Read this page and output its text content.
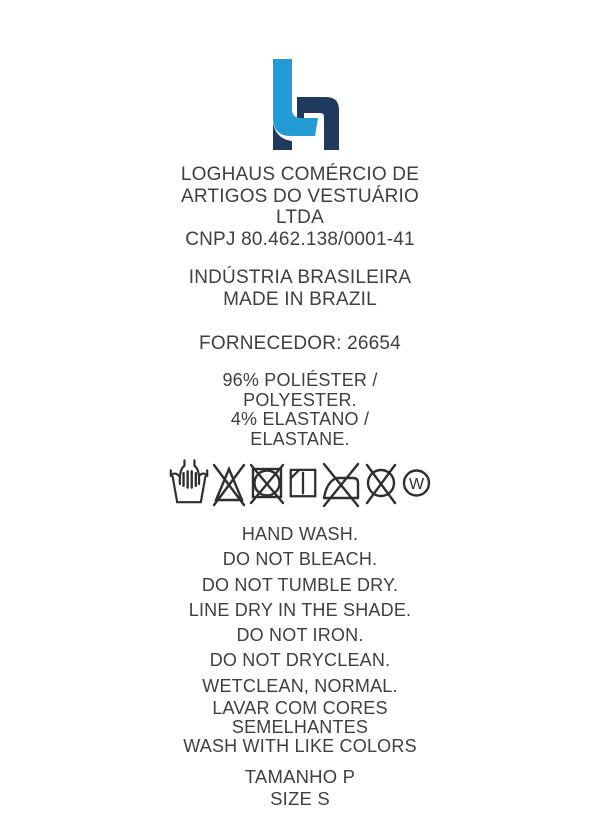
LOGHAUS COMÉRCIO DE
ARTIGOS DO VESTUÁRIO
LTDA
CNPJ 80.462.138/0001-41
INDÚSTRIA BRASILEIRA
MADE IN BRAZIL
FORNECEDOR: 26654
96% POLIÉSTER /
POLYESTER.
4% ELASTANO /
ELASTANE.
W
HAND WASH.
DO NOT BLEACH.
DO NOT TUMBLE DRY.
LINE DRY IN THE SHADE.
DO NOT IRON.
DO NOT DRYCLEAN.
WETCLEAN, NORMAL.
LAVAR COM CORES
SEMELHANTES
WASH WITH LIKE COLORS
TAMANHO P
SIZE S
